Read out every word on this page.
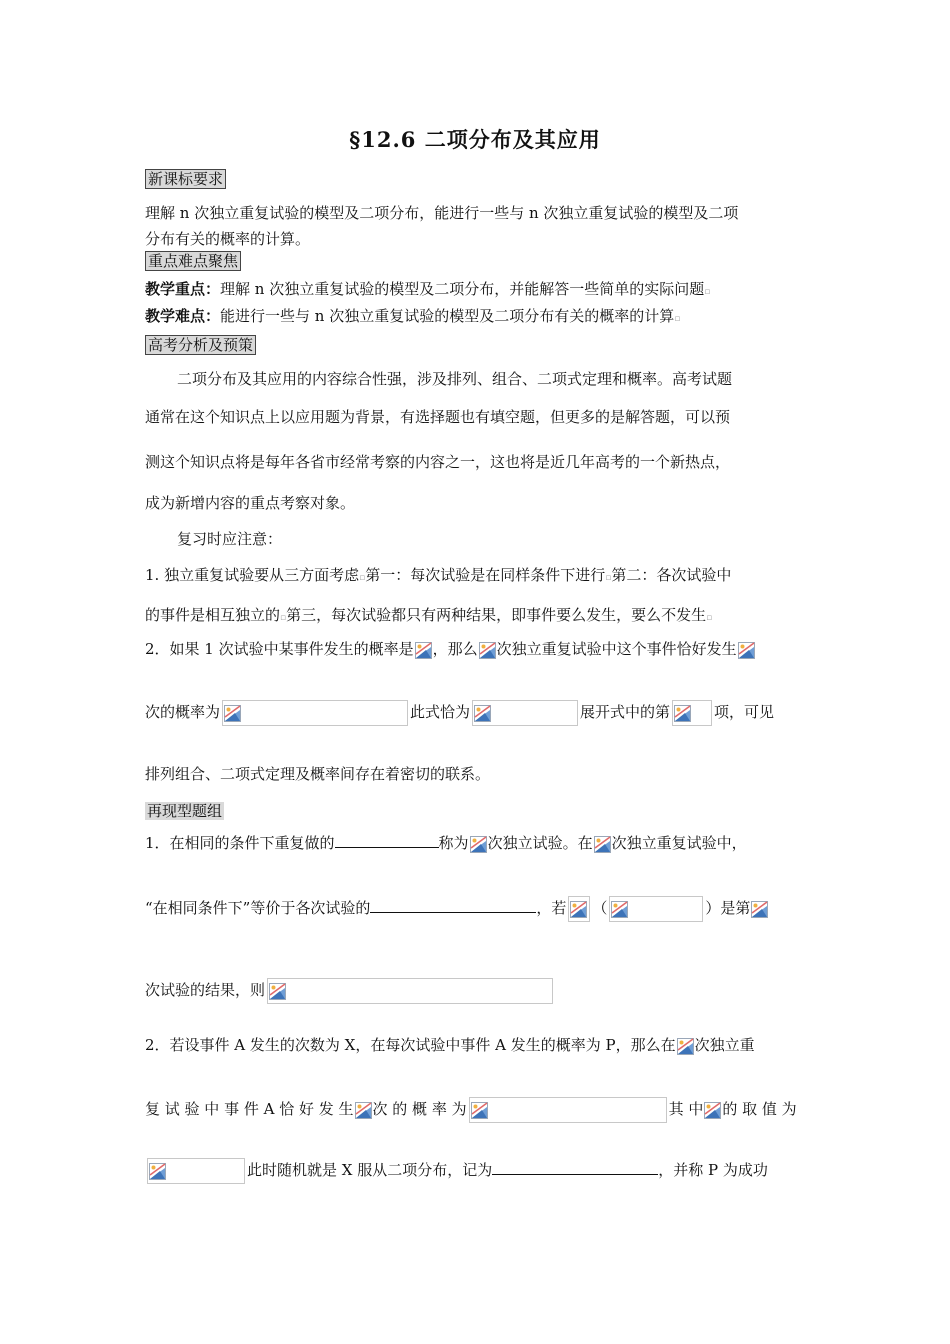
§12.6 二项分布及其应用
新课标要求
理解 n 次独立重复试验的模型及二项分布，能进行一些与 n 次独立重复试验的模型及二项
分布有关的概率的计算。
重点难点聚焦
教学重点：理解 n 次独立重复试验的模型及二项分布，并能解答一些简单的实际问题▫
教学难点：能进行一些与 n 次独立重复试验的模型及二项分布有关的概率的计算▫
高考分析及预策
二项分布及其应用的内容综合性强，涉及排列、组合、二项式定理和概率。高考试题
通常在这个知识点上以应用题为背景，有选择题也有填空题，但更多的是解答题，可以预
测这个知识点将是每年各省市经常考察的内容之一，这也将是近几年高考的一个新热点，
成为新增内容的重点考察对象。
复习时应注意：
1. 独立重复试验要从三方面考虑▫第一：每次试验是在同样条件下进行▫第二：各次试验中
的事件是相互独立的▫第三，每次试验都只有两种结果，即事件要么发生，要么不发生▫
2．如果 1 次试验中某事件发生的概率是 ，那么 次独立重复试验中这个事件恰好发生
次的概率为	此式恰为	展开式中的第	项，可见
排列组合、二项式定理及概率间存在着密切的联系。
再现型题组
1．在相同的条件下重复做的	称为 次独立试验。在 次独立重复试验中，
“在相同条件下”等价于各次试验的	，若 （	）是第
次试验的结果，则
2．若设事件 A 发生的次数为 X，在每次试验中事件 A 发生的概率为 P，那么在 次独立重
复 试 验 中 事 件 A 恰 好 发 生 次 的 概 率 为	其 中 的 取 值 为
此时随机就是 X 服从二项分布，记为	，并称 P 为成功
